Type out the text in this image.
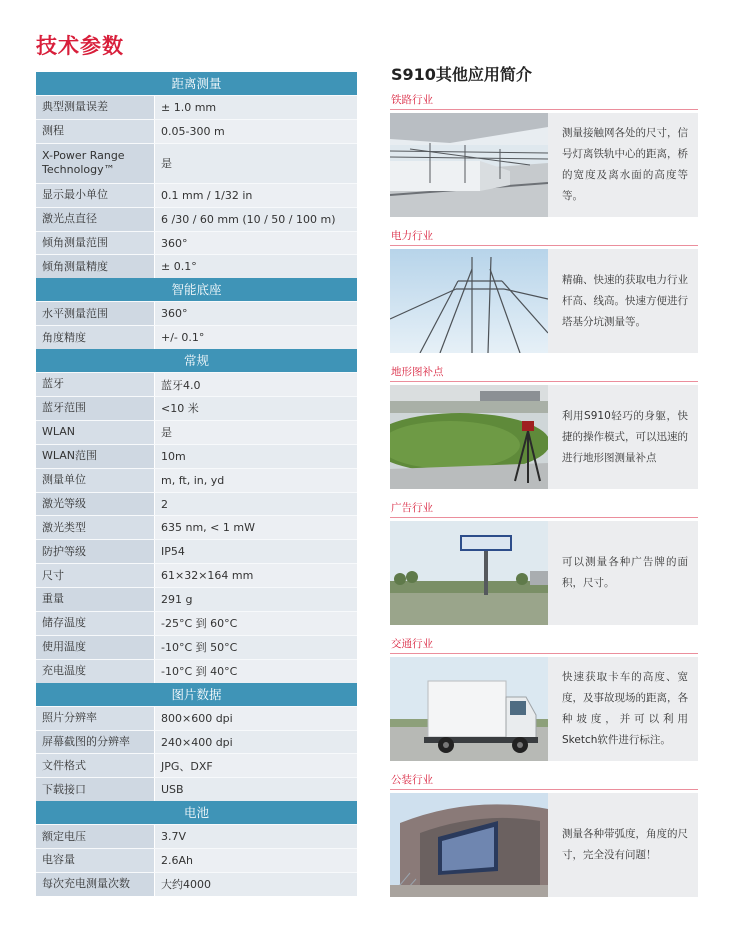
技术参数
距离测量
典型测量误差	± 1.0 mm
测程	0.05-300 m
X-Power Range Technology™	是
显示最小单位	0.1 mm / 1/32 in
激光点直径	6 /30 / 60 mm (10 / 50 / 100 m)
倾角测量范围	360°
倾角测量精度	± 0.1°
智能底座
水平测量范围	360°
角度精度	+/- 0.1°
常规
蓝牙	蓝牙4.0
蓝牙范围	<10 米
WLAN	是
WLAN范围	10m
测量单位	m, ft, in, yd
激光等级	2
激光类型	635 nm, < 1 mW
防护等级	IP54
尺寸	61×32×164 mm
重量	291 g
储存温度	-25°C 到 60°C
使用温度	-10°C 到 50°C
充电温度	-10°C 到 40°C
图片数据
照片分辨率	800×600 dpi
屏幕截图的分辨率	240×400 dpi
文件格式	JPG、DXF
下载接口	USB
电池
额定电压	3.7V
电容量	2.6Ah
每次充电测量次数	大约4000
S910其他应用简介
铁路行业
测量接触网各处的尺寸，信号灯离铁轨中心的距离，桥的宽度及离水面的高度等等。
电力行业
精确、快速的获取电力行业杆高、线高。快速方便进行塔基分坑测量等。
地形图补点
利用S910轻巧的身躯，快捷的操作模式，可以迅速的进行地形图测量补点
广告行业
可以测量各种广告牌的面积，尺寸。
交通行业
快速获取卡车的高度、宽度，及事故现场的距离，各种坡度，并可以利用Sketch软件进行标注。
公装行业
测量各种带弧度，角度的尺寸，完全没有问题！
